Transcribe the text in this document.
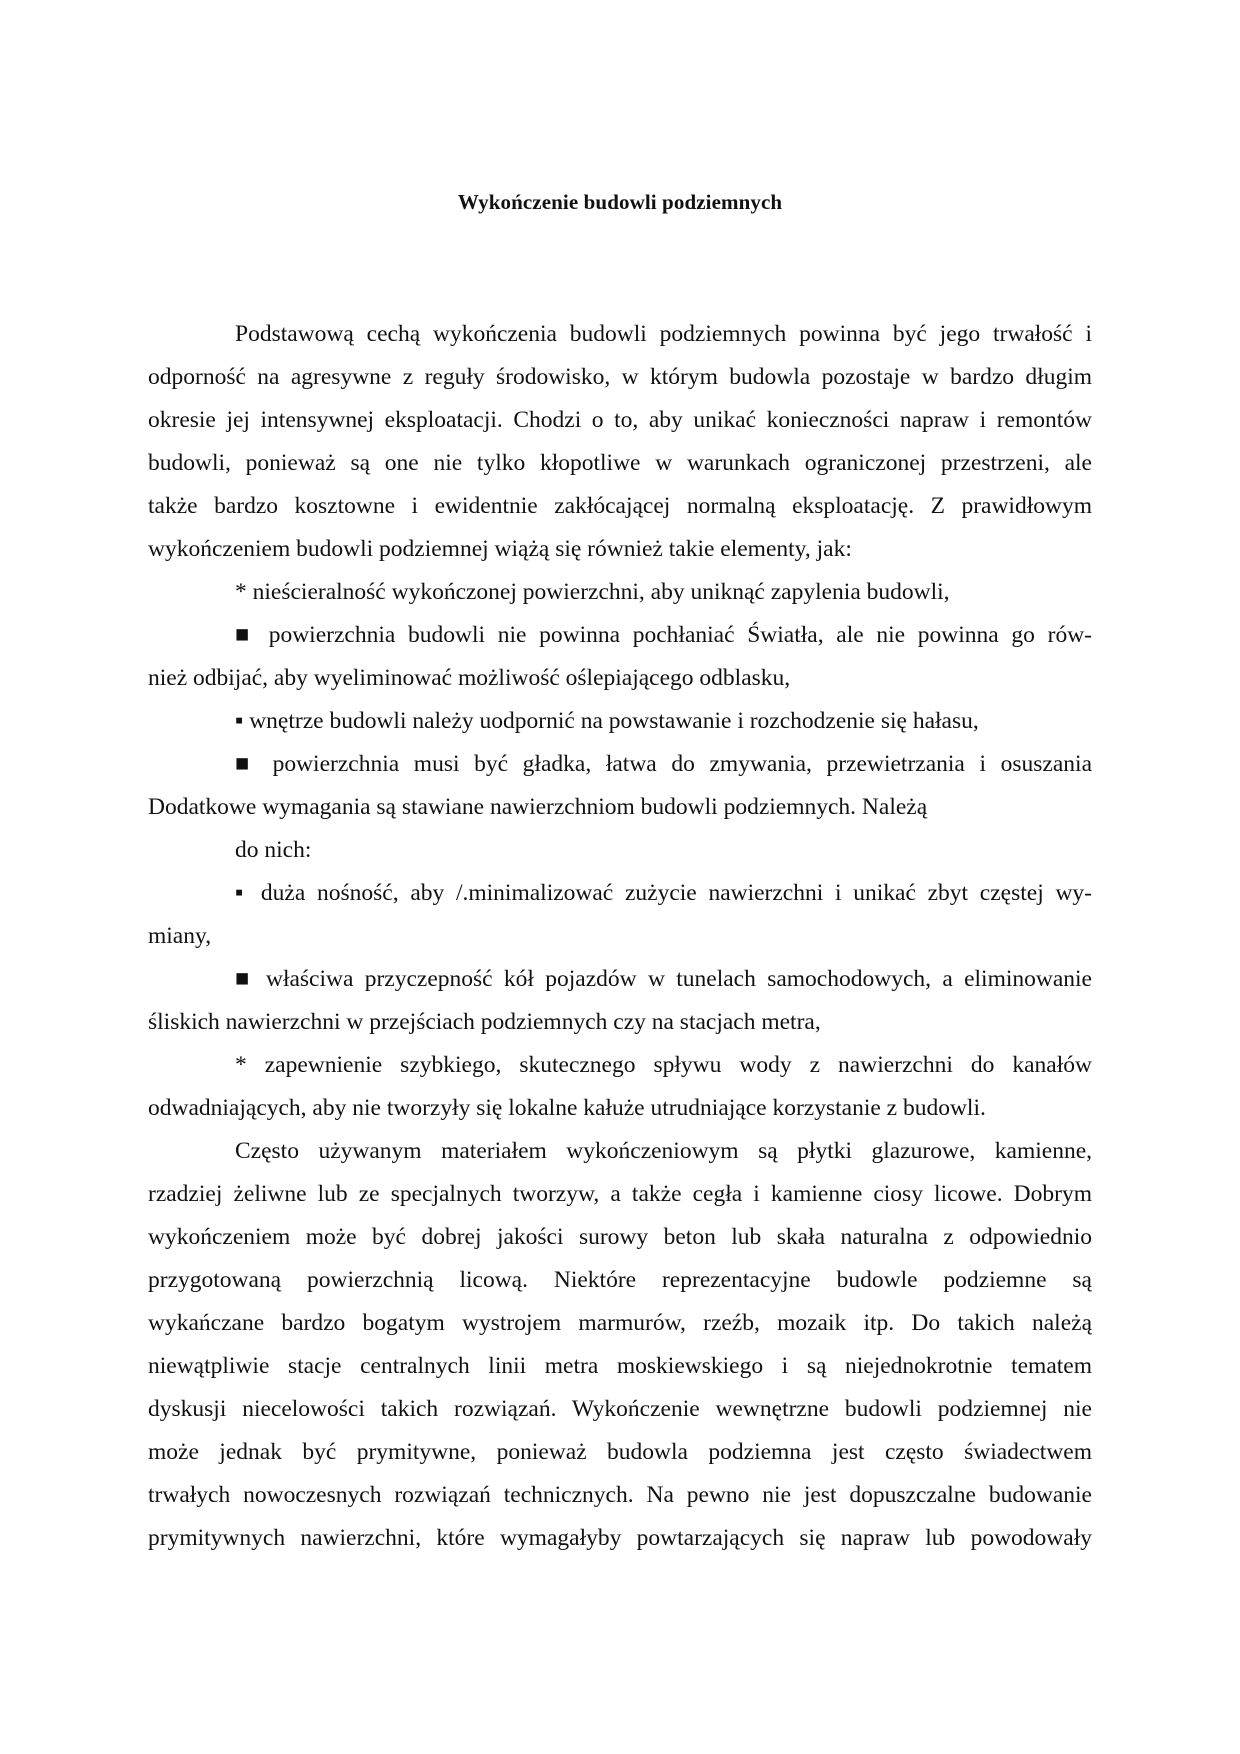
Wykończenie budowli podziemnych
Podstawową cechą wykończenia budowli podziemnych powinna być jego trwałość i
odporność na agresywne z reguły środowisko, w którym budowla pozostaje w bardzo długim
okresie jej intensywnej eksploatacji. Chodzi o to, aby unikać konieczności napraw i remontów
budowli, ponieważ są one nie tylko kłopotliwe w warunkach ograniczonej przestrzeni, ale
także bardzo kosztowne i ewidentnie zakłócającej normalną eksploatację. Z prawidłowym
wykończeniem budowli podziemnej wiążą się również takie elementy, jak:
* nieścieralność wykończonej powierzchni, aby uniknąć zapylenia budowli,
■ powierzchnia budowli nie powinna pochłaniać Światła, ale nie powinna go rów-
nież odbijać, aby wyeliminować możliwość oślepiającego odblasku,
▪ wnętrze budowli należy uodpornić na powstawanie i rozchodzenie się hałasu,
■ powierzchnia musi być gładka, łatwa do zmywania, przewietrzania i osuszania
Dodatkowe wymagania są stawiane nawierzchniom budowli podziemnych. Należą
do nich:
▪ duża nośność, aby /.minimalizować zużycie nawierzchni i unikać zbyt częstej wy-
miany,
■ właściwa przyczepność kół pojazdów w tunelach samochodowych, a eliminowanie
śliskich nawierzchni w przejściach podziemnych czy na stacjach metra,
* zapewnienie szybkiego, skutecznego spływu wody z nawierzchni do kanałów
odwadniających, aby nie tworzyły się lokalne kałuże utrudniające korzystanie z budowli.
Często używanym materiałem wykończeniowym są płytki glazurowe, kamienne,
rzadziej żeliwne lub ze specjalnych tworzyw, a także cegła i kamienne ciosy licowe. Dobrym
wykończeniem może być dobrej jakości surowy beton lub skała naturalna z odpowiednio
przygotowaną powierzchnią licową. Niektóre reprezentacyjne budowle podziemne są
wykańczane bardzo bogatym wystrojem marmurów, rzeźb, mozaik itp. Do takich należą
niewątpliwie stacje centralnych linii metra moskiewskiego i są niejednokrotnie tematem
dyskusji niecelowości takich rozwiązań. Wykończenie wewnętrzne budowli podziemnej nie
może jednak być prymitywne, ponieważ budowla podziemna jest często świadectwem
trwałych nowoczesnych rozwiązań technicznych. Na pewno nie jest dopuszczalne budowanie
prymitywnych nawierzchni, które wymagałyby powtarzających się napraw lub powodowały
